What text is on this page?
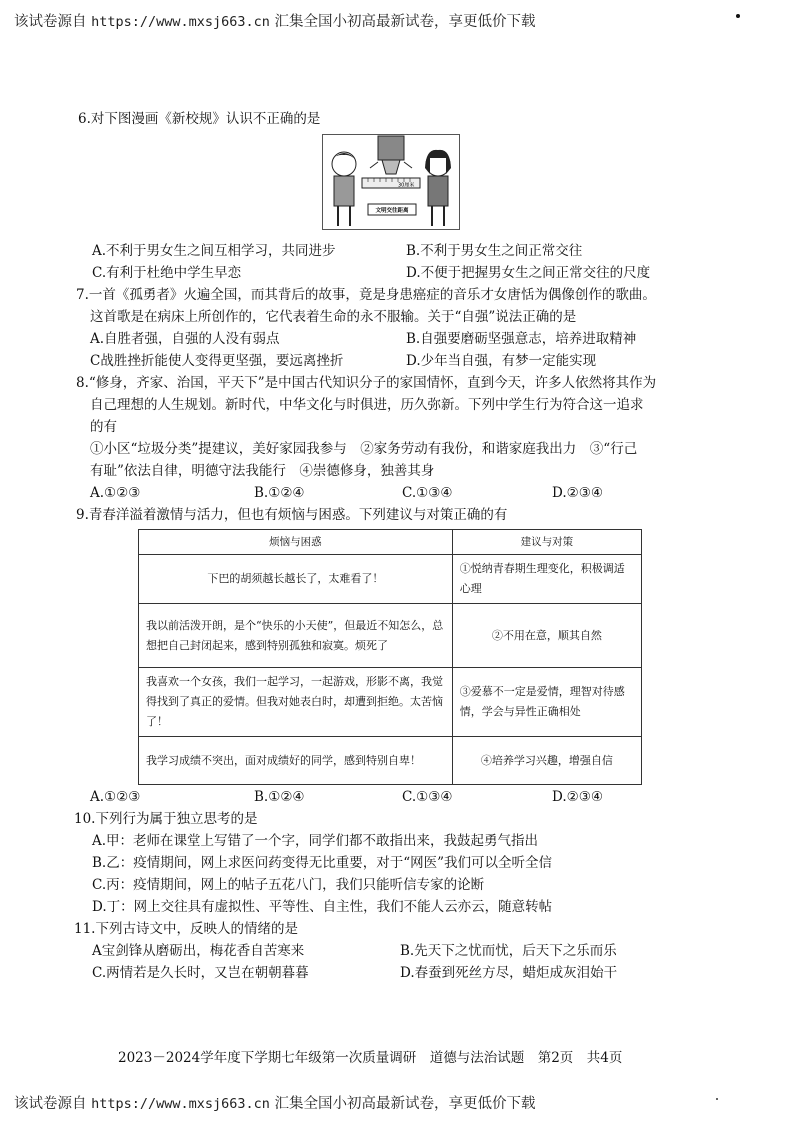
该试卷源自 https://www.mxsj663.cn 汇集全国小初高最新试卷，享更低价下载
6.对下图漫画《新校规》认识不正确的是
30厘米
文明交往距离
A.不利于男女生之间互相学习，共同进步	B.不利于男女生之间正常交往
C.有利于杜绝中学生早恋	D.不便于把握男女生之间正常交往的尺度
7.一首《孤勇者》火遍全国，而其背后的故事，竟是身患癌症的音乐才女唐恬为偶像创作的歌曲。
这首歌是在病床上所创作的，它代表着生命的永不服输。关于“自强”说法正确的是
A.自胜者强，自强的人没有弱点	B.自强要磨砺坚强意志，培养进取精神
C战胜挫折能使人变得更坚强，要远离挫折	D.少年当自强，有梦一定能实现
8.“修身，齐家、治国，平天下”是中国古代知识分子的家国情怀，直到今天，许多人依然将其作为
自己理想的人生规划。新时代，中华文化与时俱进，历久弥新。下列中学生行为符合这一追求
的有
①小区“垃圾分类”提建议，美好家园我参与　②家务劳动有我份，和谐家庭我出力　③“行己
有耻”依法自律，明德守法我能行　④崇德修身，独善其身
A.①②③	B.①②④	C.①③④	D.②③④
9.青春洋溢着激情与活力，但也有烦恼与困惑。下列建议与对策正确的有
烦恼与困惑	建议与对策
下巴的胡须越长越长了，太难看了！	①悦纳青春期生理变化，积极调适心理
我以前活泼开朗，是个“快乐的小天使”，但最近不知怎么，总想把自己封闭起来，感到特别孤独和寂寞。烦死了	②不用在意，顺其自然
我喜欢一个女孩，我们一起学习，一起游戏，形影不离，我觉得找到了真正的爱情。但我对她表白时，却遭到拒绝。太苦恼了！	③爱慕不一定是爱情，理智对待感情，学会与异性正确相处
我学习成绩不突出，面对成绩好的同学，感到特别自卑！	④培养学习兴趣，增强自信
A.①②③	B.①②④	C.①③④	D.②③④
10.下列行为属于独立思考的是
A.甲：老师在课堂上写错了一个字，同学们都不敢指出来，我鼓起勇气指出
B.乙：疫情期间，网上求医问药变得无比重要，对于“网医”我们可以全听全信
C.丙：疫情期间，网上的帖子五花八门，我们只能听信专家的论断
D.丁：网上交往具有虚拟性、平等性、自主性，我们不能人云亦云，随意转帖
11.下列古诗文中，反映人的情绪的是
A宝剑锋从磨砺出，梅花香自苦寒来	B.先天下之忧而忧，后天下之乐而乐
C.两情若是久长时，又岂在朝朝暮暮	D.春蚕到死丝方尽，蜡炬成灰泪始干
2023－2024学年度下学期七年级第一次质量调研　道德与法治试题　第2页　共4页
该试卷源自 https://www.mxsj663.cn 汇集全国小初高最新试卷，享更低价下载
